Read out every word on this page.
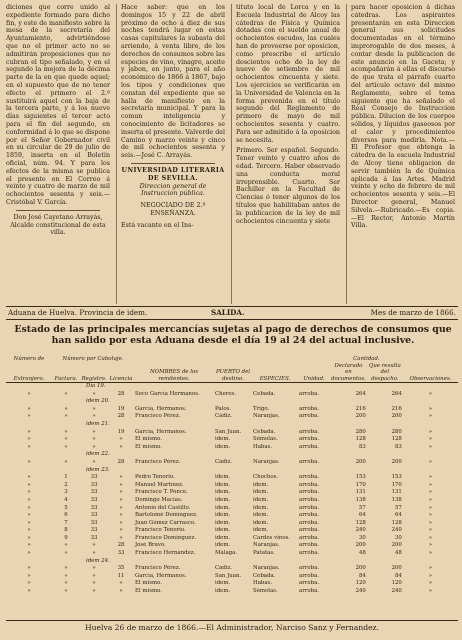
diciones que corre unido al expediente formado para dicho fin, y este de manifiesto sobre la mesa de la secretaría del Ayuntamiento, advirtiéndose que no el primer acto no se admitirán proposiciones que no cubran el tipo señalado, y en el segundo la mejora de la décima parte de la en que quede aquel; en el supuesto que de no tener efecto el primero el 2.º sustituirá aquel con la baja de la tercera parte, y á los nueve días siguientes el tercer acto para el fin del segundo, en conformidad á lo que se dispone por el Señor Gobernador civil en su circular de 29 de julio de 1859, inserta en el Boletín oficial, núm. 94. Y para los efectos de la misma se publica el presente en El Correo á veinte y cuatro de marzo de mil ochocientos sesenta y seis.—Cristóbal V. García.

Don José Cayetano Arrayás, Alcalde constitucional de esta villa.

Hace saber: que en los domingos 15 y 22 de abril próximo de ocho á diez de sus noches tendrá lugar en estas casas capitulares la subasta del arriendo, á venta libre, de los derechos de consumos sobre las especies de vino, vinagre, aceite y jabon, en junto, para el año económico de 1866 á 1867, bajo los tipos y condiciones que constan del expediente que se halla de manifiesto en la secretaría municipal. Y para la comun inteligencia y conocimiento de licitadores se inserta el presente. Valverde del Camino y marzo veinte y cinco de mil ochocientos sesenta y seis.—José C. Arrayás.

UNIVERSIDAD LITERARIA DE SEVILLA.

Direccion general de Instruccion pública.

NEGOCIADO DE 2.º ENSEÑANZA.

Está vacante en el Ins-

tituto local de Lorca y en la Escuela Industrial de Alcoy las cátedras de Física y Química dotadas con el sueldo anual de ochocientos escudos, las cuales han de proveerse por oposicion, como prescribe el artículo doscientos ocho de la ley de nueve de setiembre de mil ochocientos cincuenta y siete. Los ejercicios se verificarán en la Universidad de Valencia en la forma prevenida en el título segundo del Reglamento de primero de mayo de mil ochocientos sesenta y cuatro. Para ser admitido á la oposicion se necesita.

Primero. Ser español. Segundo. Tener veinte y cuatro años de edad. Tercero. Haber observado una conducta moral irreprensible. Cuarto. Ser Bachiller en la Facultad de Ciencias ó tener algunos de los títulos que habilitaban antes de la publicacion de la ley de mil ochocientos cincuenta y siete

para hacer oposicion á dichas cátedras. Los aspirantes presentarán en esta Direccion general sus solicitudes documentadas en el término improrogable de dos meses, á contar desde la publicacion de este anuncio en la Gaceta; y acompañarán á ellas el discurso de que trata el párrafo cuarto del artículo octavo del mismo Reglamento, sobre el tema siguiente que ha señalado el Real Consejo de Instruccion pública. Dilucion de los cuerpos sólidos, y líquidos gaseosos por el calor y procedimientos diversos para medirla. Nota.—El Profesor que obtenga la cátedra de la escuela Industrial de Alcoy tiene obligacion de servir también la de Química aplicada á las Artes. Madrid veinte y ocho de febrero de mil ochocientos sesenta y seis.—El Director general, Manuel Silvela.—Rubricado.—Es copia.—El Rector, Antonio Martín Villa.

Aduana de Huelva. Provincia de idem.	SALIDA.	Mes de marzo de 1866.
Estado de las principales mercancías sujetas al pago de derechos de consumos que han salido por esta Aduana desde el día 19 al 24 del actual inclusive.
Número de	Número por Cabotaje.							Cantidad.		
Extranjero.	Factura.	Registro.	Licencia	NOMBRES de los remitentes.	PUERTO del destino.	ESPECIES.	Unidad.	Declarado en documentos.	Que resulta del despacho.	Observaciones.
Día 19.										
»	»	»	28	Seco García Hermanos.	Cheres.	Cebada.	arroba.	264	264	»
idem 20.										
»	»	»	19	García, Hermanos.	Palos.	Trigo.	arroba.	216	216	»
»	»	»	28	Francisco Pérez.	Cádiz.	Naranjas.	arroba.	200	200	»
idem 21.										
»	»	»	19	García, Hermanos.	San Juan.	Cebada.	arroba.	280	280	»
»	»	»	»	El mismo.	idem.	Sémolas.	arroba.	128	128	»
»	»	»	»	El mismo.	idem.	Habas.	arroba.	83	83	»
idem 22.										
»	»	»	28	Francisco Pérez.	Cádiz.	Naranjas.	arroba.	200	200	»
idem 23.										
»	1	33	»	Pedro Tenorio.	idem.	Chochos.	arroba.	153	153	»
»	2	33	»	Manuel Martínez.	idem.	idem.	arroba.	170	170	»
»	3	33	»	Francisco T. Ponce.	idem.	idem.	arroba.	131	131	»
»	4	33	»	Domingo Macías.	idem.	idem.	arroba.	138	138	»
»	5	33	»	Antonio del Castillo.	idem.	idem.	arroba.	57	57	»
»	6	33	»	Bartolomé Domínguez.	idem.	idem.	arroba.	64	64	»
»	7	33	»	Juan Gómez Carrasco.	idem.	idem.	arroba.	128	128	»
»	8	33	»	Francisco Tenorio.	idem.	idem.	arroba.	240	240	»
»	9	33	»	Francisco Domínguez.	idem.	Cardos vinos.	arroba.	30	30	»
»	»	»	28	José Bravo.	idem.	Naranjas.	arroba.	200	200	»
»	»	»	33	Francisco Hernández.	Málaga.	Patatas.	arroba.	48	48	»
idem 24.										
»	»	»	35	Francisco Pérez.	Cádiz.	Naranjas.	arroba.	200	200	»
»	»	»	11	García, Hermanos.	San Juan.	Cebada.	arroba.	84	84	»
»	»	»	»	El mismo.	idem.	Habas.	arroba.	120	120	»
»	»	»	»	El mismo.	idem.	Sémolas.	arroba.	240	240	»
Huelva 26 de marzo de 1866.—El Administrador, Narciso Sanz y Fernandez.
